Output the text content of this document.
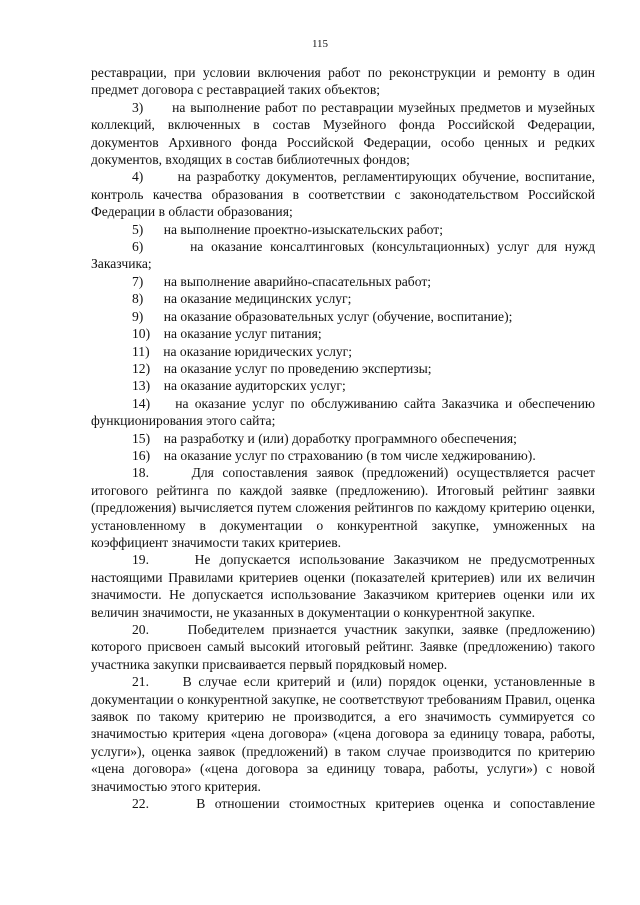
115

реставрации, при условии включения работ по реконструкции и ремонту в один предмет договора с реставрацией таких объектов;

3) на выполнение работ по реставрации музейных предметов и музейных коллекций, включенных в состав Музейного фонда Российской Федерации, документов Архивного фонда Российской Федерации, особо ценных и редких документов, входящих в состав библиотечных фондов;

4)	на разработку документов, регламентирующих обучение, воспитание, контроль качества образования в соответствии с законодательством Российской Федерации в области образования;

5) на выполнение проектно-изыскательских работ;

6)	на оказание консалтинговых (консультационных) услуг для нужд Заказчика;

7) на выполнение аварийно-спасательных работ;

8) на оказание медицинских услуг;

9) на оказание образовательных услуг (обучение, воспитание);

10) на оказание услуг питания;

11) на оказание юридических услуг;

12) на оказание услуг по проведению экспертизы;

13) на оказание аудиторских услуг;

14) на оказание услуг по обслуживанию сайта Заказчика и обеспечению функционирования этого сайта;

15) на разработку и (или) доработку программного обеспечения;

16) на оказание услуг по страхованию (в том числе хеджированию).

18.	Для сопоставления заявок (предложений) осуществляется расчет итогового рейтинга по каждой заявке (предложению). Итоговый рейтинг заявки (предложения) вычисляется путем сложения рейтингов по каждому критерию оценки, установленному в документации о конкурентной закупке, умноженных на коэффициент значимости таких критериев.

19.	Не допускается использование Заказчиком не предусмотренных настоящими Правилами критериев оценки (показателей критериев) или их величин значимости. Не допускается использование Заказчиком критериев оценки или их величин значимости, не указанных в документации о конкурентной закупке.

20.	Победителем признается участник закупки, заявке (предложению) которого присвоен самый высокий итоговый рейтинг. Заявке (предложению) такого участника закупки присваивается первый порядковый номер.

21. В случае если критерий и (или) порядок оценки, установленные в документации о конкурентной закупке, не соответствуют требованиям Правил, оценка заявок по такому критерию не производится, а его значимость суммируется со значимостью критерия «цена договора» («цена договора за единицу товара, работы, услуги»), оценка заявок (предложений) в таком случае производится по критерию «цена договора» («цена договора за единицу товара, работы, услуги») с новой значимостью этого критерия.

22.	В отношении стоимостных критериев оценка и сопоставление
